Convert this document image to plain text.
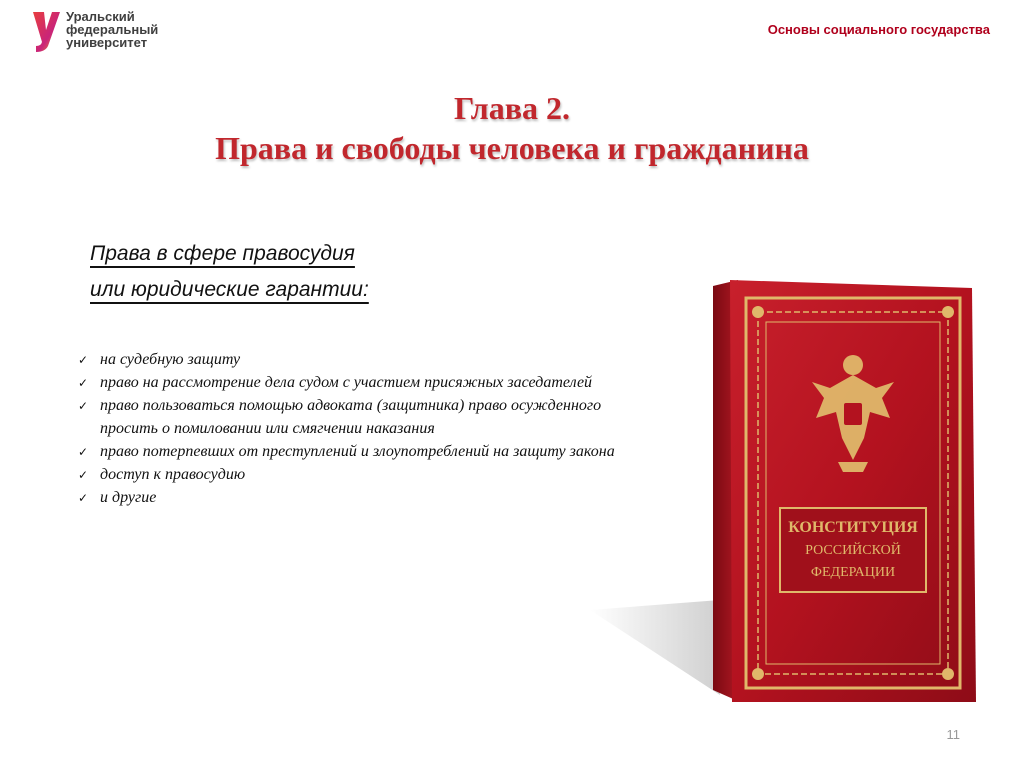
Уральский
федеральный
университет
Основы социального государства
Глава 2.
Права и свободы человека и гражданина
Права в сфере правосудия
или юридические гарантии:
✓ на судебную защиту
✓ право на рассмотрение дела судом с участием присяжных заседателей
✓ право пользоваться помощью адвоката (защитника) право осужденного просить о помиловании или смягчении наказания
✓ право потерпевших от преступлений и злоупотреблений на защиту закона
✓ доступ к правосудию
✓ и другие
КОНСТИТУЦИЯ
РОССИЙСКОЙ
ФЕДЕРАЦИИ
11
